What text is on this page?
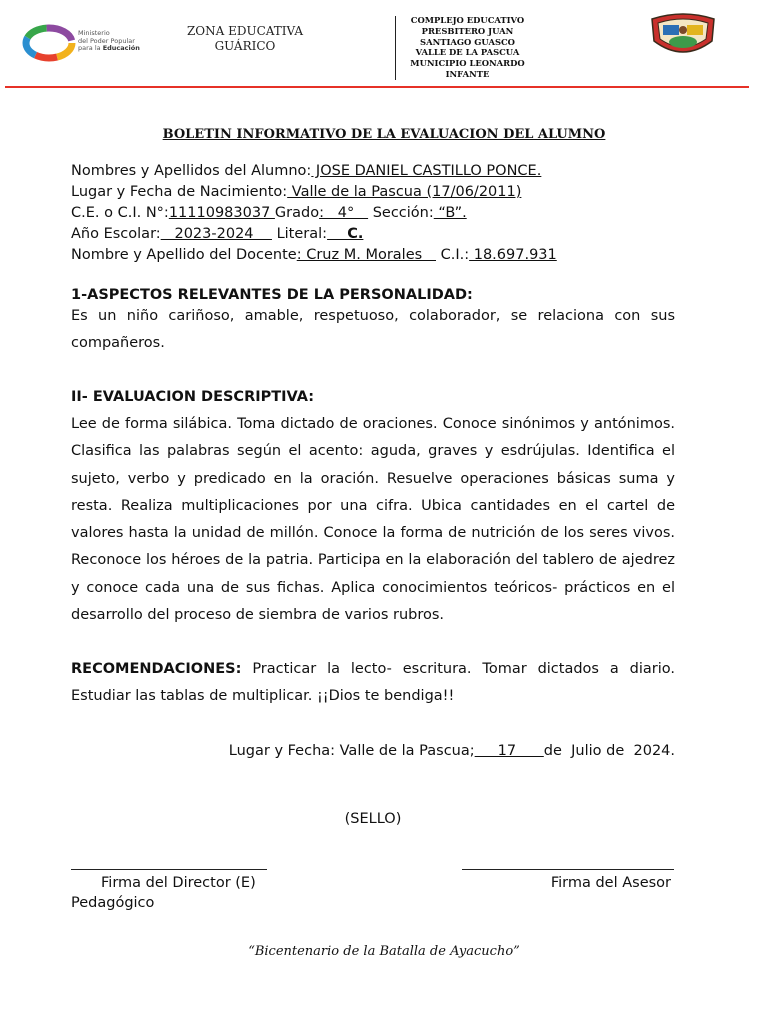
Ministerio
del Poder Popular
para la Educación
ZONA EDUCATIVA
GUÁRICO
COMPLEJO EDUCATIVO
PRESBITERO JUAN
SANTIAGO GUASCO
VALLE DE LA PASCUA
MUNICIPIO LEONARDO
INFANTE
BOLETIN INFORMATIVO DE LA EVALUACION DEL ALUMNO
Nombres y Apellidos del Alumno: JOSE DANIEL CASTILLO PONCE.
Lugar y Fecha de Nacimiento: Valle de la Pascua (17/06/2011)
C.E. o C.I. N°:11110983037 Grado:   4°    Sección: “B”.
Año Escolar:   2023-2024     Literal:    C.
Nombre y Apellido del Docente: Cruz M. Morales    C.I.: 18.697.931
1-ASPECTOS RELEVANTES DE LA PERSONALIDAD:
Es un niño cariñoso, amable, respetuoso, colaborador, se relaciona con sus compañeros.
II- EVALUACION DESCRIPTIVA:
Lee de forma silábica. Toma dictado de oraciones. Conoce sinónimos y antónimos. Clasifica las palabras según el acento: aguda, graves y esdrújulas. Identifica el sujeto, verbo y predicado en la oración. Resuelve operaciones básicas suma y resta. Realiza multiplicaciones por una cifra. Ubica cantidades en el cartel de valores hasta la unidad de millón. Conoce la forma de nutrición de los seres vivos. Reconoce los héroes de la patria. Participa en la elaboración del tablero de ajedrez y conoce cada una de sus fichas. Aplica conocimientos teóricos- prácticos en el desarrollo del proceso de siembra de varios rubros.
RECOMENDACIONES: Practicar la lecto- escritura. Tomar dictados a diario. Estudiar las tablas de multiplicar. ¡¡Dios te bendiga!!
Lugar y Fecha: Valle de la Pascua;     17      de  Julio de  2024.
(SELLO)
Firma del Director (E)
Pedagógico
Firma del Asesor
“Bicentenario de la Batalla de Ayacucho”
